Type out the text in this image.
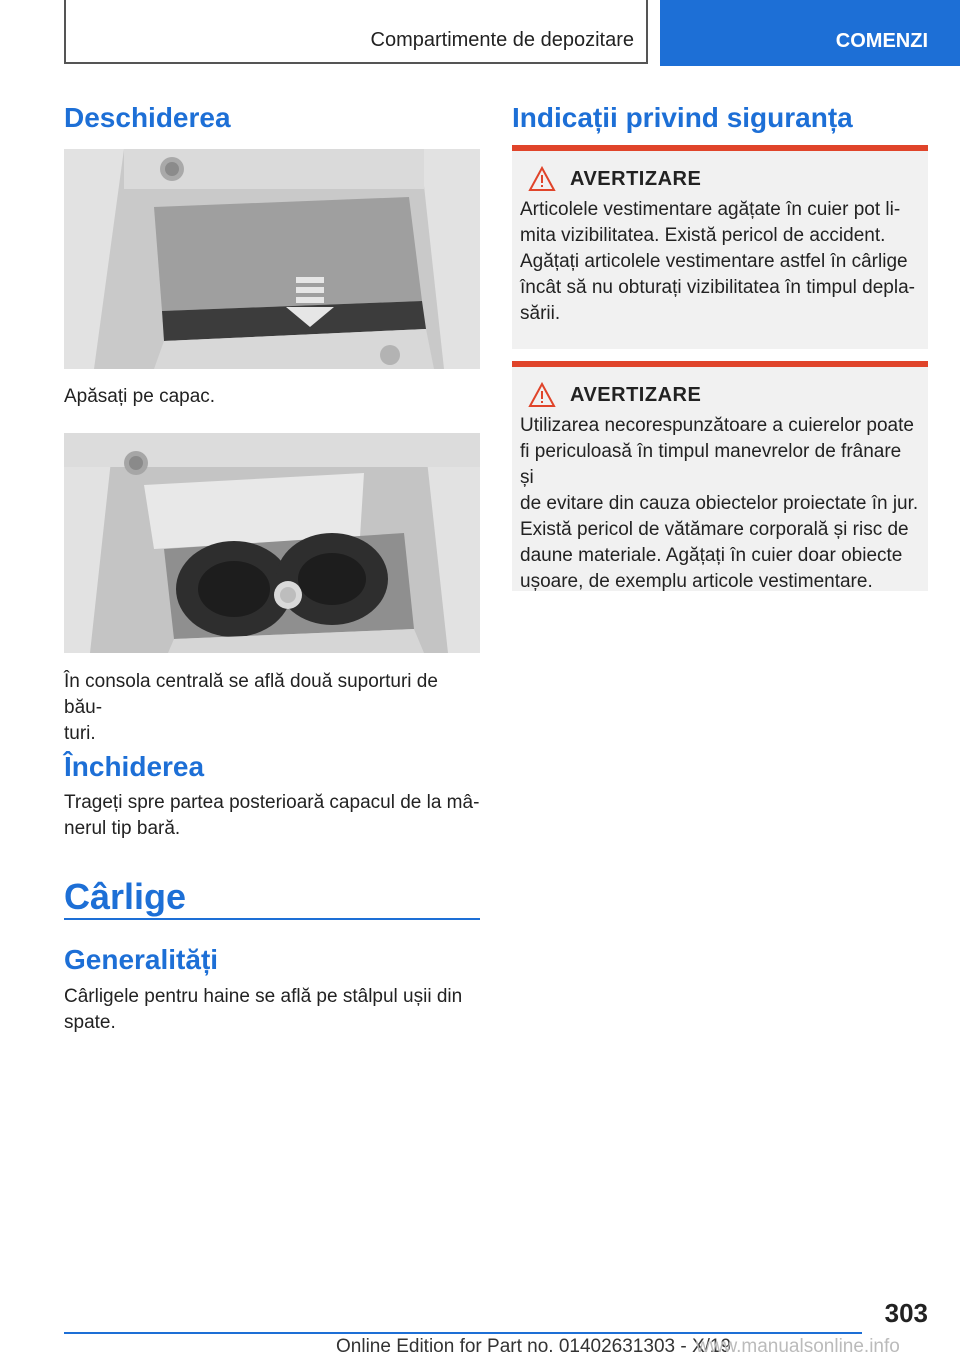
Compartimente de depozitare	COMENZI
Deschiderea

Apăsați pe capac.

În consola centrală se află două suporturi de bău-
turi.

Închiderea

Trageți spre partea posterioară capacul de la mâ-
nerul tip bară.

Cârlige
Generalități

Cârligele pentru haine se află pe stâlpul ușii din
spate.

Indicații privind siguranța
AVERTIZARE

Articolele vestimentare agățate în cuier pot li-
mita vizibilitatea. Există pericol de accident.
Agățați articolele vestimentare astfel în cârlige
încât să nu obturați vizibilitatea în timpul depla-
sării.

AVERTIZARE

Utilizarea necorespunzătoare a cuierelor poate
fi periculoasă în timpul manevrelor de frânare și
de evitare din cauza obiectelor proiectate în jur.
Există pericol de vătămare corporală și risc de
daune materiale. Agățați în cuier doar obiecte
ușoare, de exemplu articole vestimentare.

303
Online Edition for Part no. 01402631303 - X/19
www.manualsonline.info
